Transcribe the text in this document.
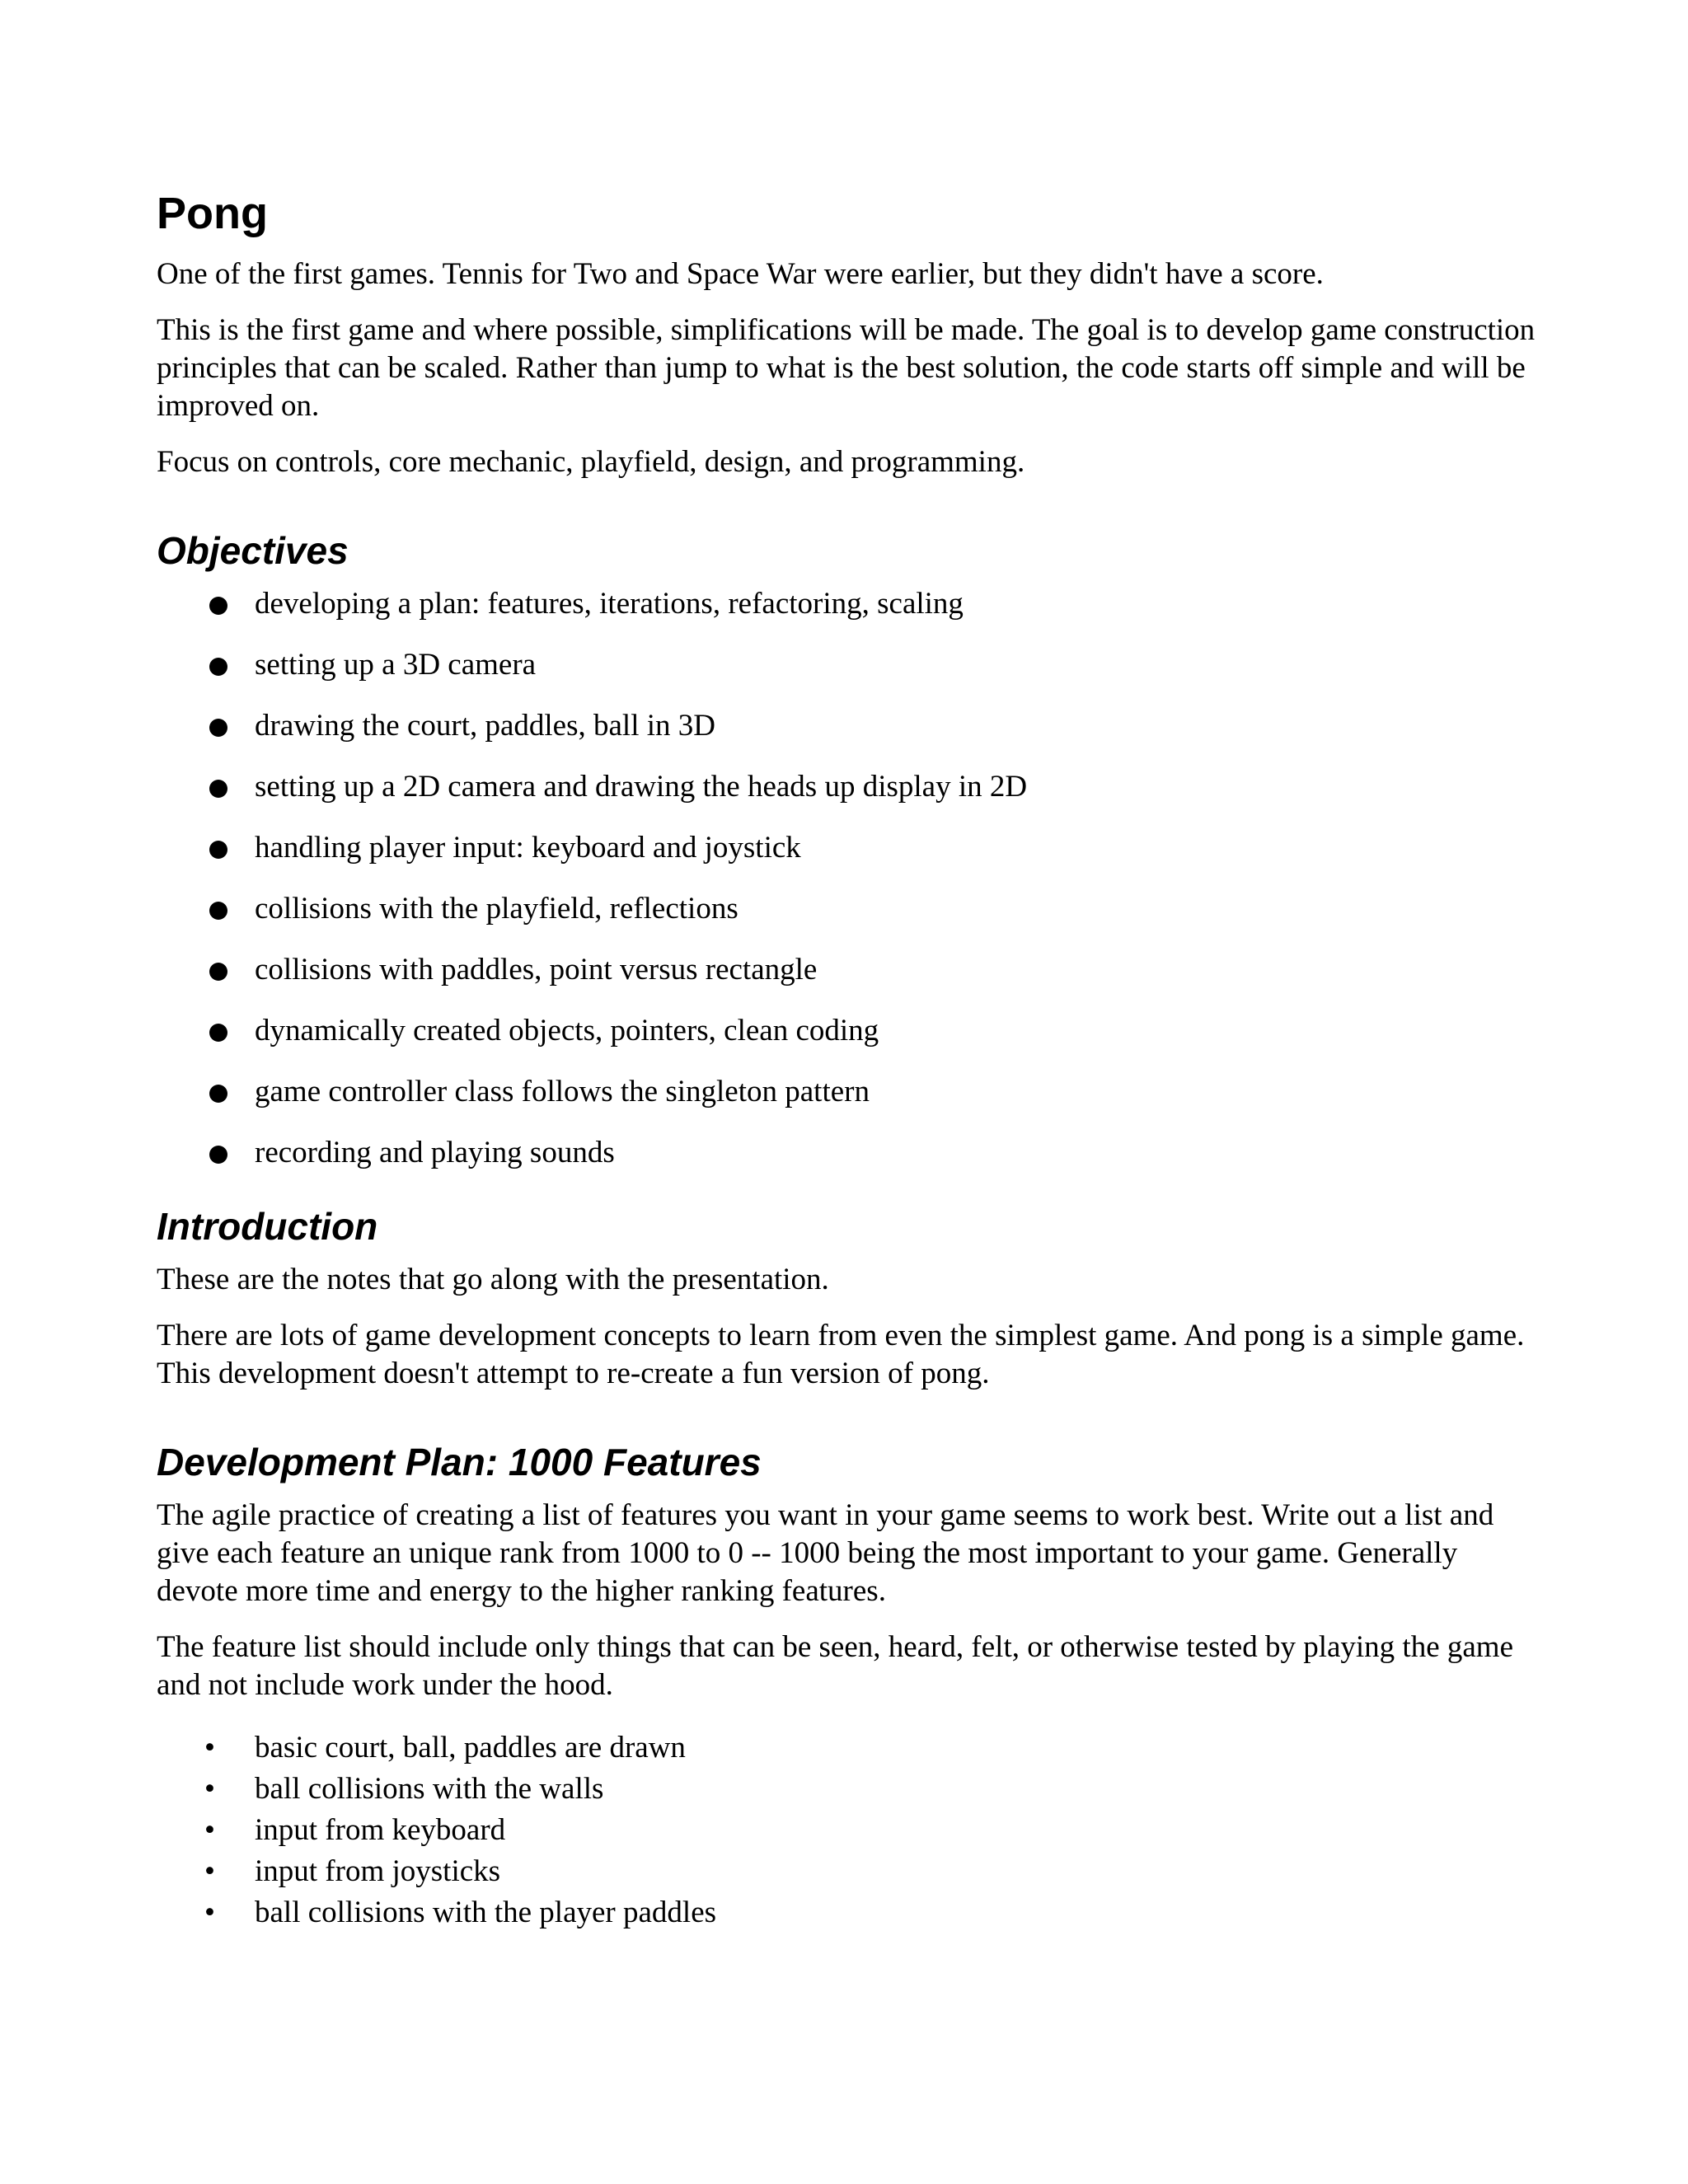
Pong

One of the first games. Tennis for Two and Space War were earlier, but they didn't have a score.

This is the first game and where possible, simplifications will be made. The goal is to develop game construction principles that can be scaled. Rather than jump to what is the best solution, the code starts off simple and will be improved on.

Focus on controls, core mechanic, playfield, design, and programming.

Objectives
developing a plan: features, iterations, refactoring, scaling
setting up a 3D camera
drawing the court, paddles, ball in 3D
setting up a 2D camera and drawing the heads up display in 2D
handling player input: keyboard and joystick
collisions with the playfield, reflections
collisions with paddles, point versus rectangle
dynamically created objects, pointers, clean coding
game controller class follows the singleton pattern
recording and playing sounds
Introduction

These are the notes that go along with the presentation.

There are lots of game development concepts to learn from even the simplest game. And pong is a simple game. This development doesn't attempt to re-create a fun version of pong.

Development Plan: 1000 Features

The agile practice of creating a list of features you want in your game seems to work best. Write out a list and give each feature an unique rank from 1000 to 0 -- 1000 being the most important to your game. Generally devote more time and energy to the higher ranking features.

The feature list should include only things that can be seen, heard, felt, or otherwise tested by playing the game and not include work under the hood.

• basic court, ball, paddles are drawn
• ball collisions with the walls
• input from keyboard
• input from joysticks
• ball collisions with the player paddles
